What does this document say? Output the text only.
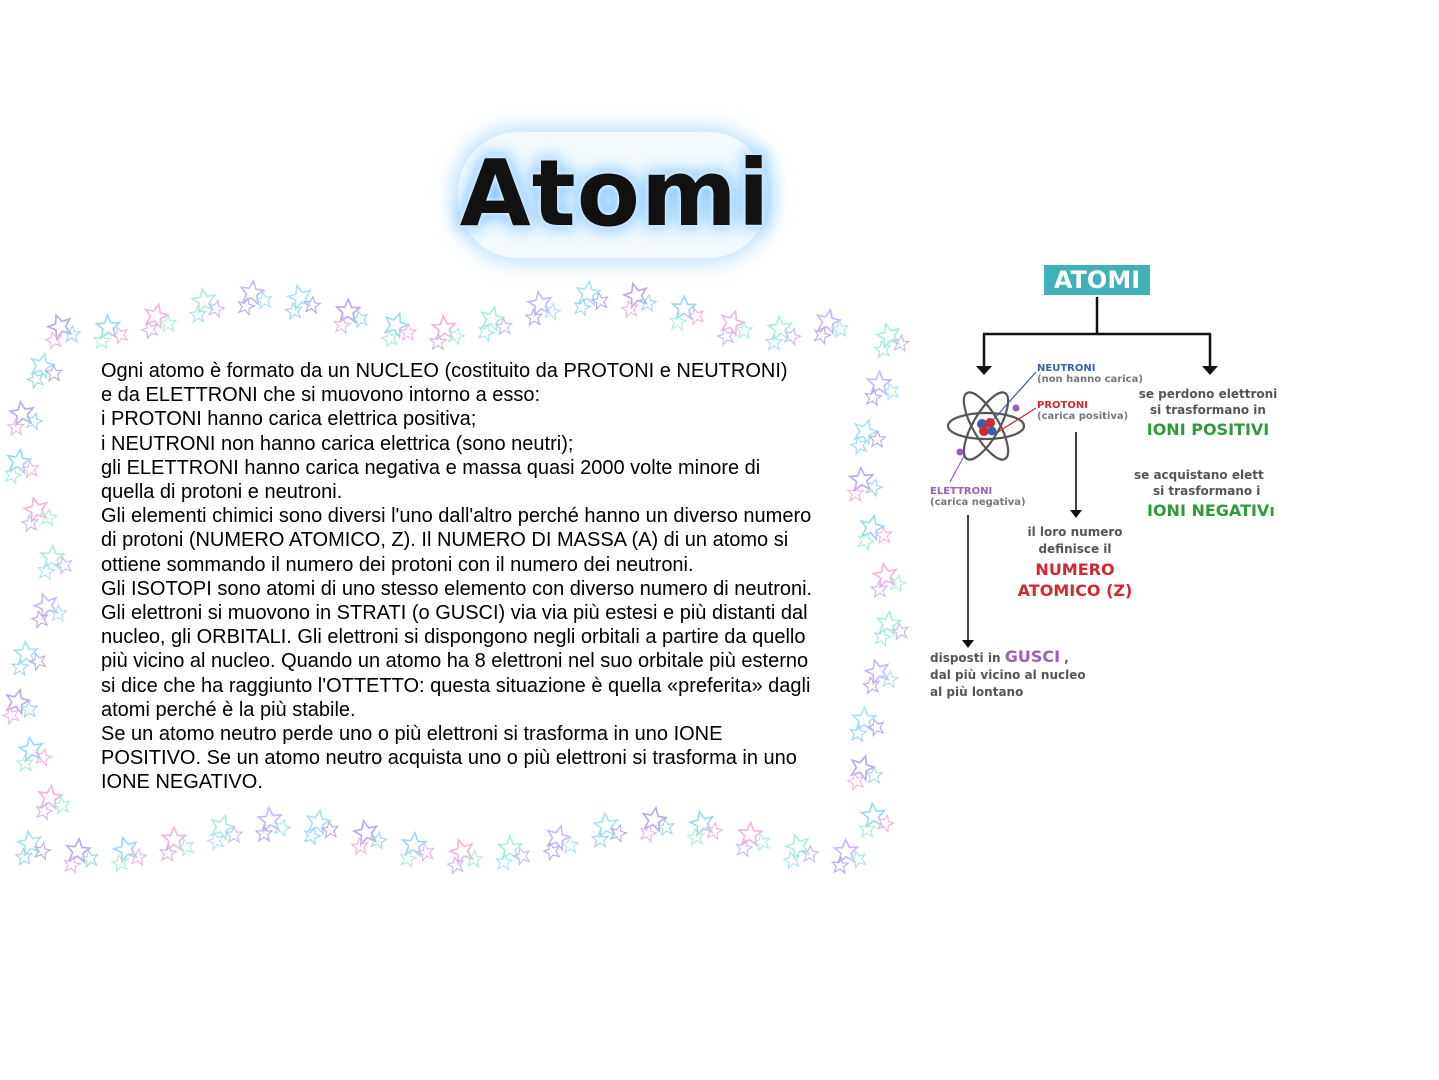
Atomi
Ogni atomo è formato da un NUCLEO (costituito da PROTONI e NEUTRONI)
e da ELETTRONI che si muovono intorno a esso:
i PROTONI hanno carica elettrica positiva;
i NEUTRONI non hanno carica elettrica (sono neutri);
gli ELETTRONI hanno carica negativa e massa quasi 2000 volte minore di
quella di protoni e neutroni.
Gli elementi chimici sono diversi l'uno dall'altro perché hanno un diverso numero
di protoni (NUMERO ATOMICO, Z). Il NUMERO DI MASSA (A) di un atomo si
ottiene sommando il numero dei protoni con il numero dei neutroni.
Gli ISOTOPI sono atomi di uno stesso elemento con diverso numero di neutroni.
Gli elettroni si muovono in STRATI (o GUSCI) via via più estesi e più distanti dal
nucleo, gli ORBITALI. Gli elettroni si dispongono negli orbitali a partire da quello
più vicino al nucleo. Quando un atomo ha 8 elettroni nel suo orbitale più esterno
si dice che ha raggiunto l'OTTETTO: questa situazione è quella «preferita» dagli
atomi perché è la più stabile.
Se un atomo neutro perde uno o più elettroni si trasforma in uno IONE
POSITIVO. Se un atomo neutro acquista uno o più elettroni si trasforma in uno
IONE NEGATIVO.
ATOMI
NEUTRONI
(non hanno carica)
PROTONI
(carica positiva)
ELETTRONI
(carica negativa)
se perdono elettroni
si trasformano in
IONI POSITIVI
se acquistano elett
si trasformano i
IONI NEGATIVı
il loro numero
definisce il
NUMERO
ATOMICO (Z)
disposti in GUSCI ,
dal più vicino al nucleo
al più lontano
